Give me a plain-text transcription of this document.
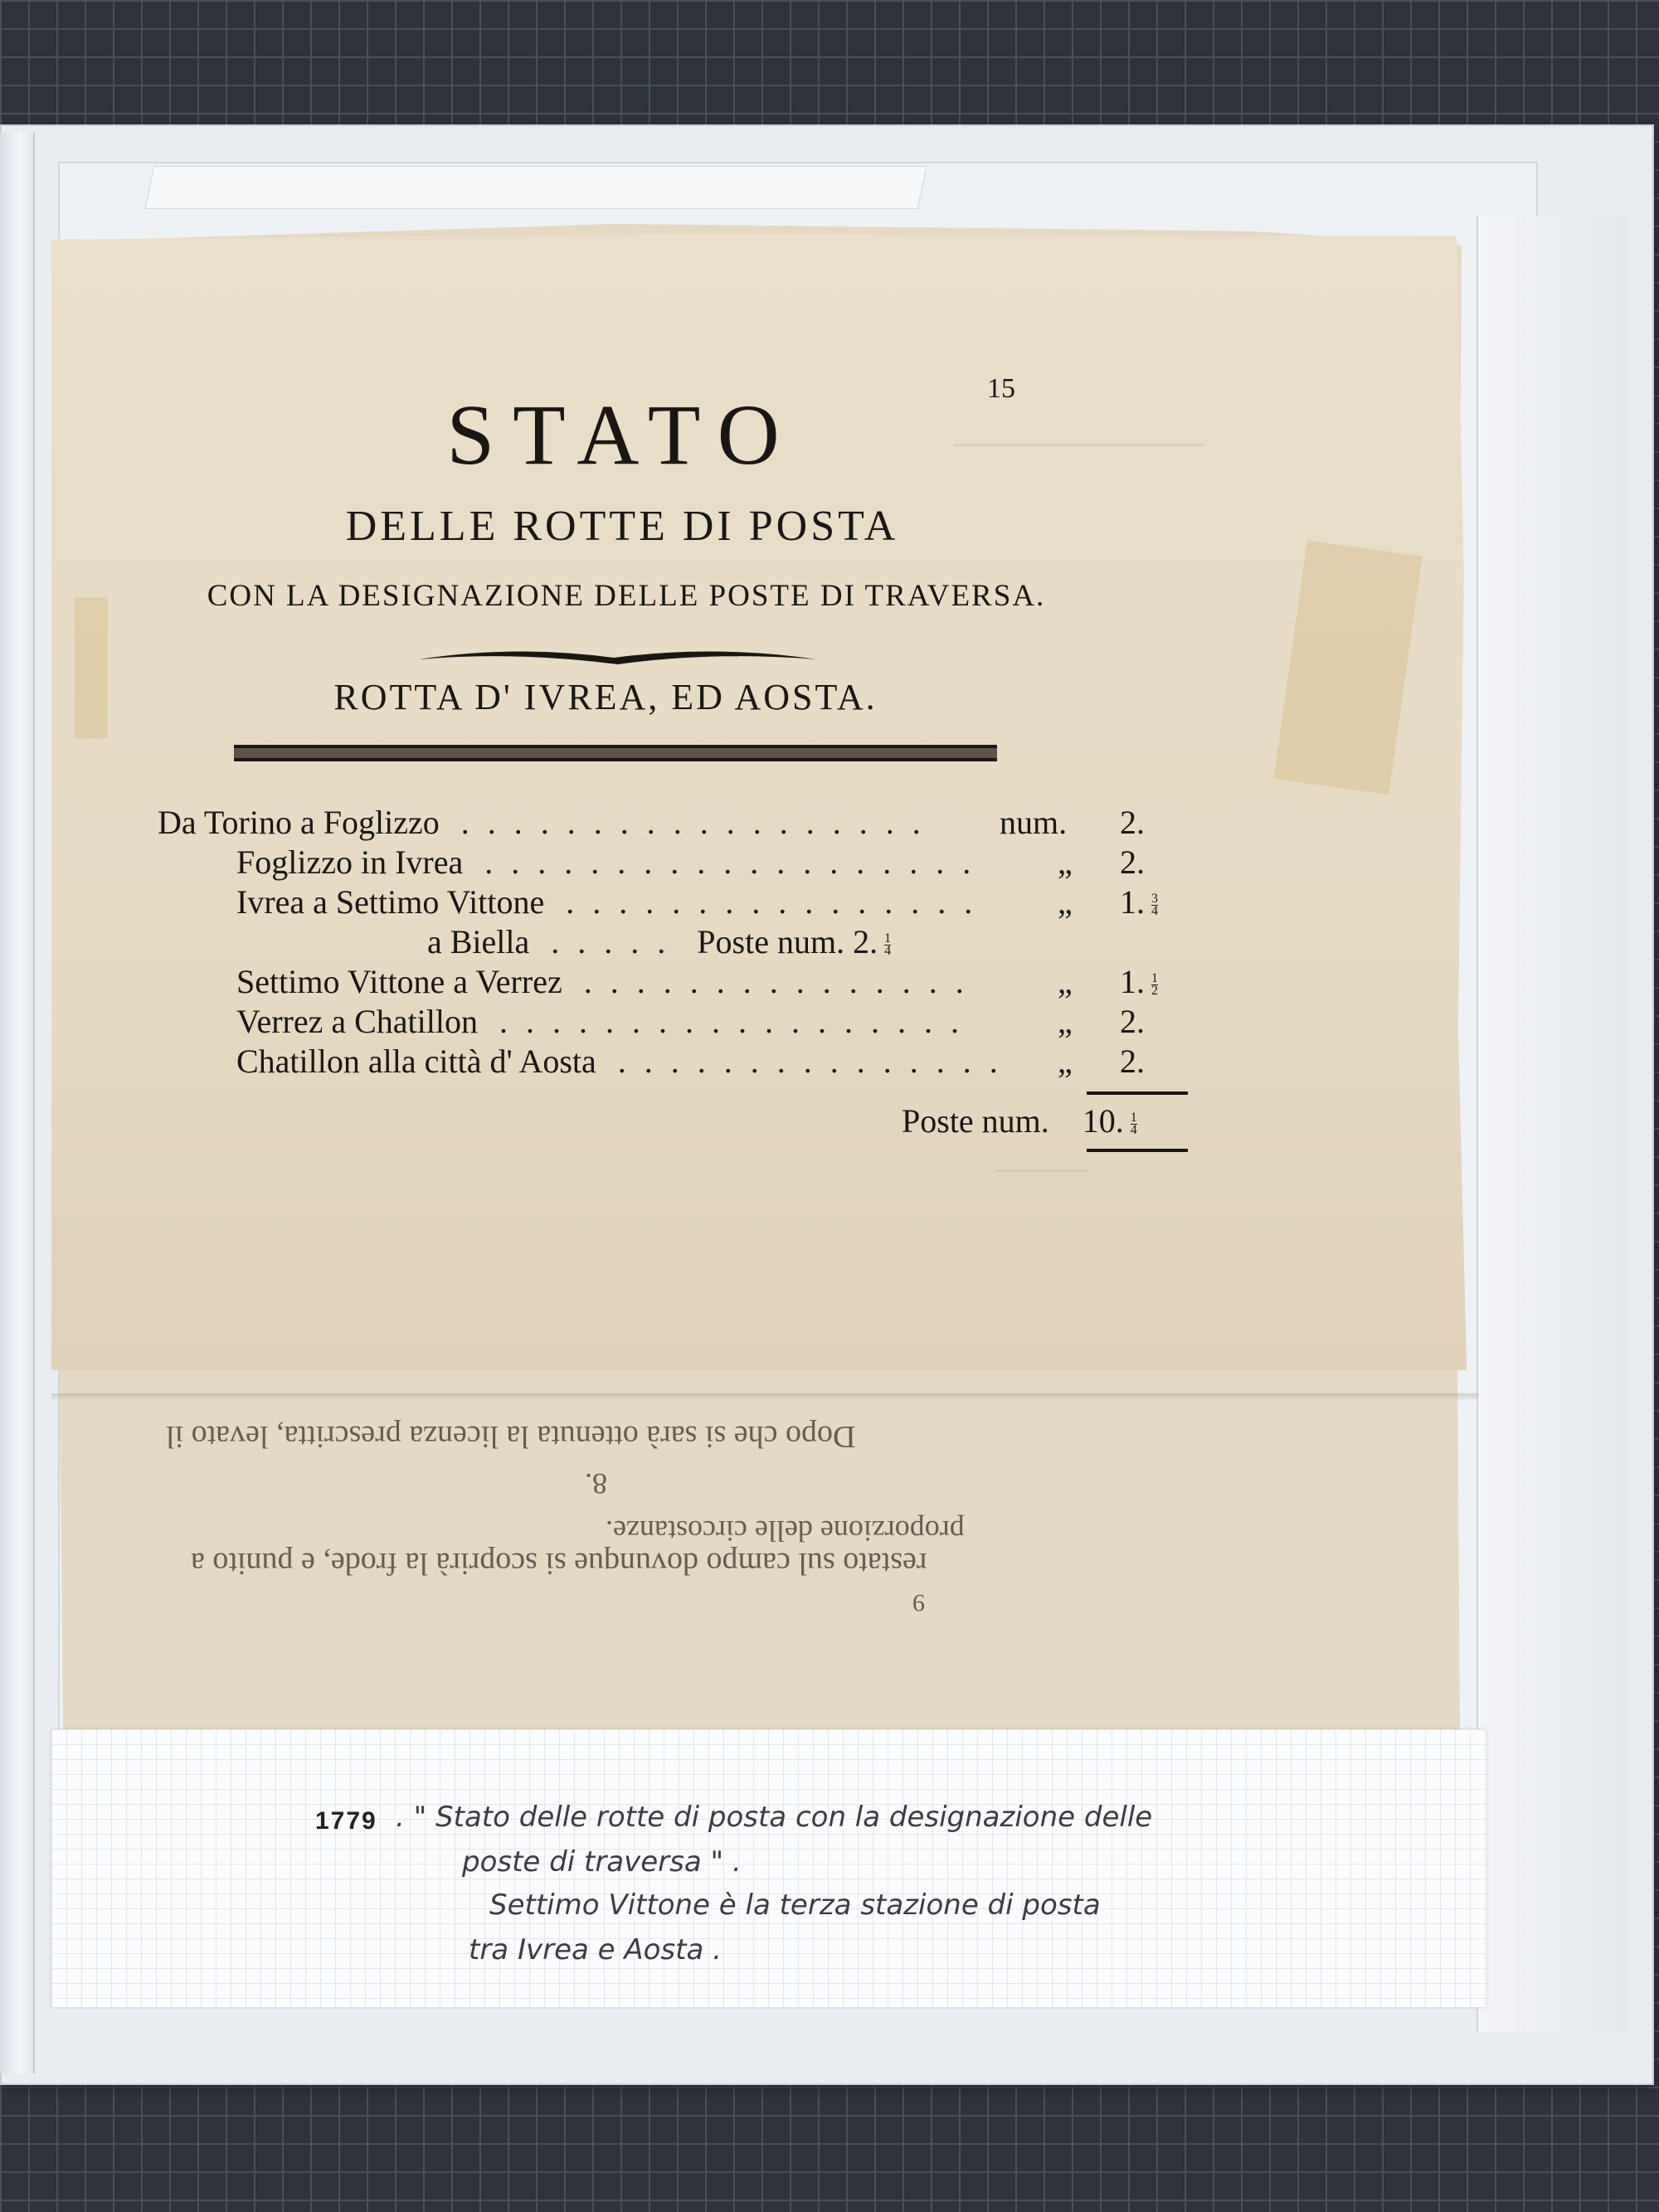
15
STATO
DELLE ROTTE DI POSTA
CON LA DESIGNAZIONE DELLE POSTE DI TRAVERSA.
ROTTA D' IVREA, ED AOSTA.
Da Torino a Foglizzo . . . . . . . . . . . . . . . . . . num. 2.
Foglizzo in Ivrea . . . . . . . . . . . . . . . . . . . „ 2.
Ivrea a Settimo Vittone . . . . . . . . . . . . . . . . „ 1. 3
4
a Biella . . . . . Poste num. 2. 1
4
Settimo Vittone a Verrez . . . . . . . . . . . . . . .	„ 1. 1
2
Verrez a Chatillon . . . . . . . . . . . . . . . . . .	„ 2.
Chatillon alla città d' Aosta . . . . . . . . . . . . . . . „ 2.
Poste num. 10. 1
4
Dopo che si sarà ottenuta la licenza prescritta, levato il
8.
proporzione delle circostanze.
restato sul campo dovunque si scoprirà la frode, e punito a
9
1779 . " Stato delle rotte di posta con la designazione delle
poste di traversa " .
Settimo Vittone è la terza stazione di posta
tra Ivrea e Aosta .
